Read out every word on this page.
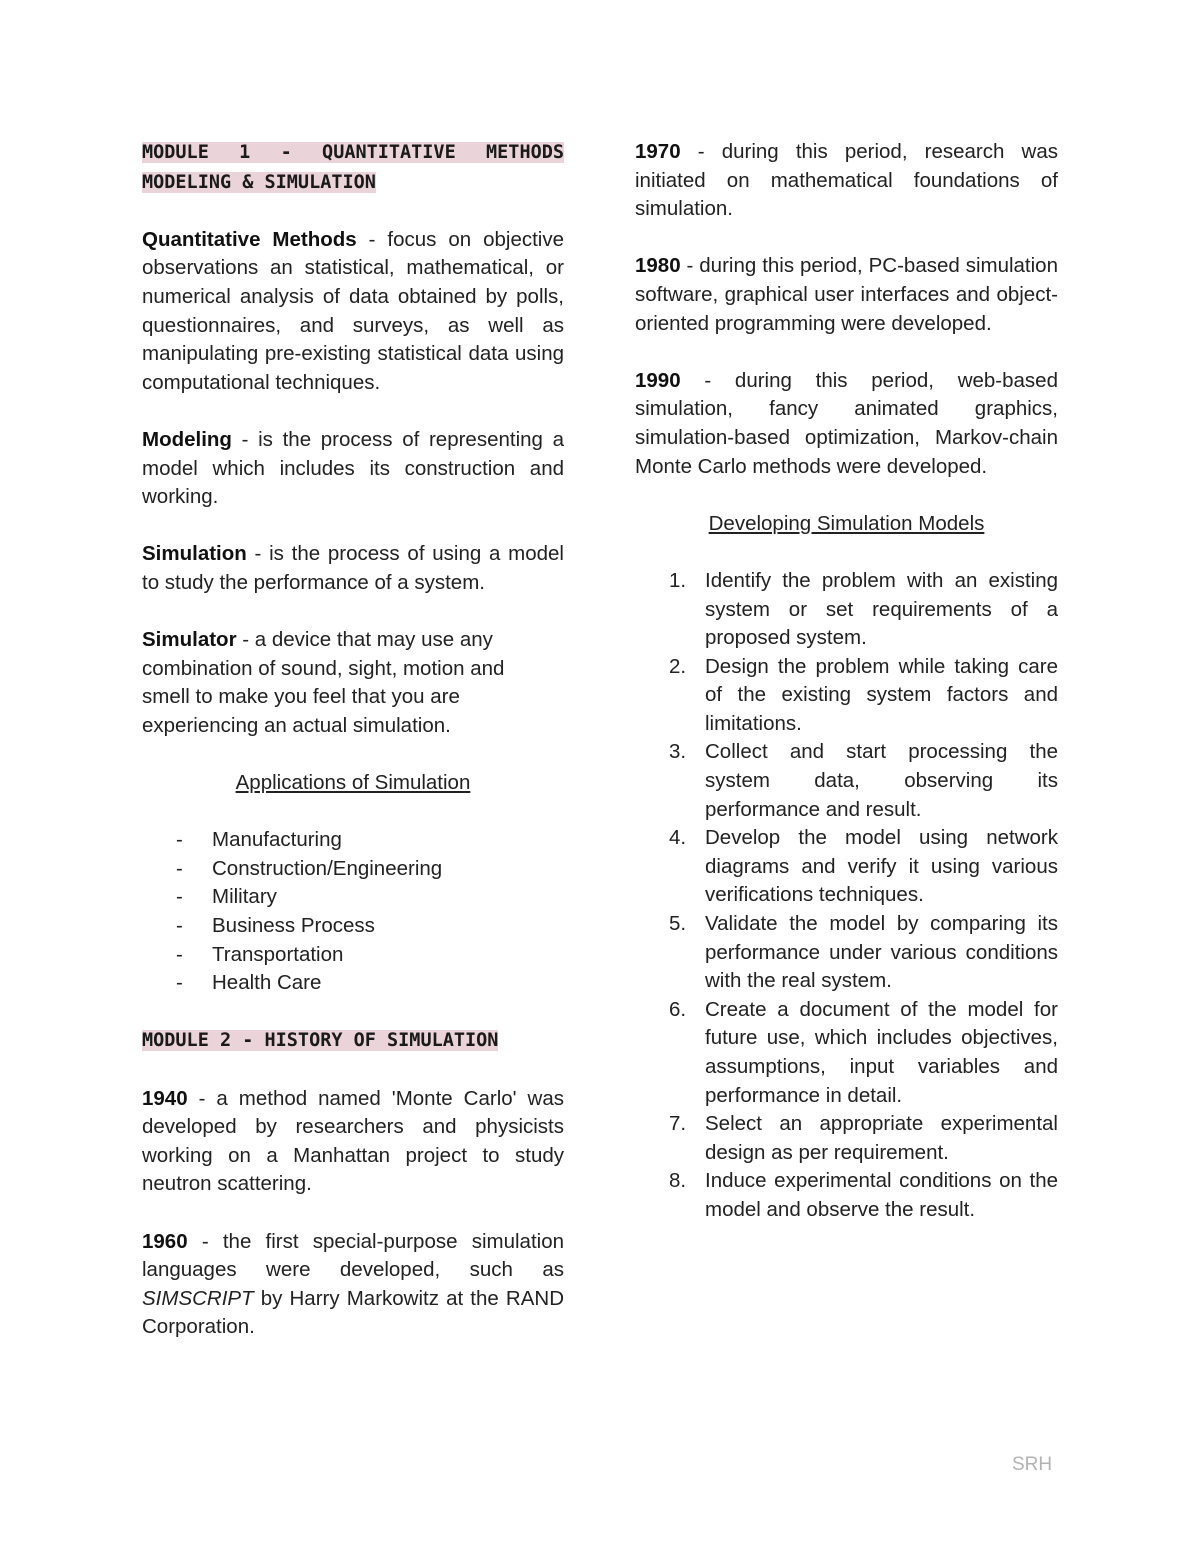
MODULE 1 - QUANTITATIVE METHODS MODELING & SIMULATION

Quantitative Methods - focus on objective observations an statistical, mathematical, or numerical analysis of data obtained by polls, questionnaires, and surveys, as well as manipulating pre-existing statistical data using computational techniques.

Modeling - is the process of representing a model which includes its construction and working.

Simulation - is the process of using a model to study the performance of a system.

Simulator - a device that may use any combination of sound, sight, motion and smell to make you feel that you are experiencing an actual simulation.

Applications of Simulation
- Manufacturing
- Construction/Engineering
- Military
- Business Process
- Transportation
- Health Care
MODULE 2 - HISTORY OF SIMULATION

1940 - a method named 'Monte Carlo' was developed by researchers and physicists working on a Manhattan project to study neutron scattering.

1960 - the first special-purpose simulation languages were developed, such as SIMSCRIPT by Harry Markowitz at the RAND Corporation.

1970 - during this period, research was initiated on mathematical foundations of simulation.

1980 - during this period, PC-based simulation software, graphical user interfaces and object-oriented programming were developed.

1990 - during this period, web-based simulation, fancy animated graphics, simulation-based optimization, Markov-chain Monte Carlo methods were developed.

Developing Simulation Models
1. Identify the problem with an existing system or set requirements of a proposed system.
2. Design the problem while taking care of the existing system factors and limitations.
3. Collect and start processing the system data, observing its performance and result.
4. Develop the model using network diagrams and verify it using various verifications techniques.
5. Validate the model by comparing its performance under various conditions with the real system.
6. Create a document of the model for future use, which includes objectives, assumptions, input variables and performance in detail.
7. Select an appropriate experimental design as per requirement.
8. Induce experimental conditions on the model and observe the result.
SRH
